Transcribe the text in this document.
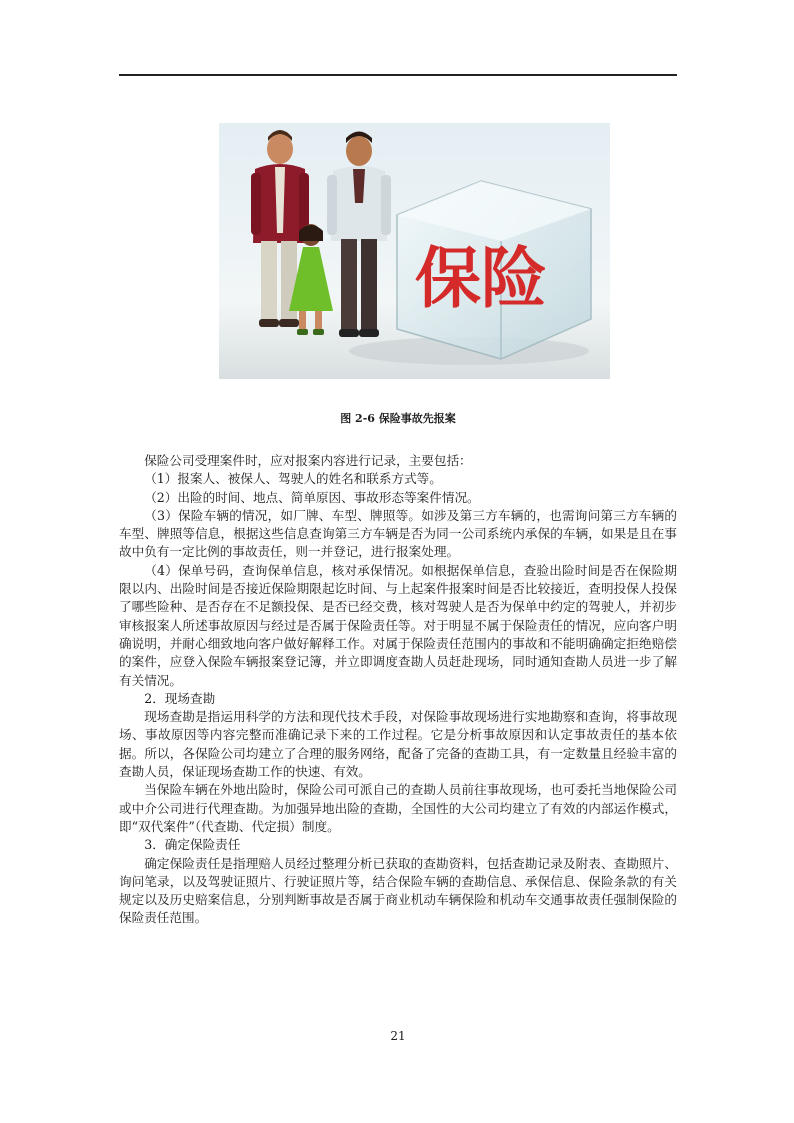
保险
图 2-6 保险事故先报案

保险公司受理案件时，应对报案内容进行记录，主要包括：

（1）报案人、被保人、驾驶人的姓名和联系方式等。

（2）出险的时间、地点、简单原因、事故形态等案件情况。

（3）保险车辆的情况，如厂牌、车型、牌照等。如涉及第三方车辆的，也需询问第三方车辆的车型、牌照等信息，根据这些信息查询第三方车辆是否为同一公司系统内承保的车辆，如果是且在事故中负有一定比例的事故责任，则一并登记，进行报案处理。

（4）保单号码，查询保单信息，核对承保情况。如根据保单信息，查验出险时间是否在保险期限以内、出险时间是否接近保险期限起讫时间、与上起案件报案时间是否比较接近，查明投保人投保了哪些险种、是否存在不足额投保、是否已经交费，核对驾驶人是否为保单中约定的驾驶人，并初步审核报案人所述事故原因与经过是否属于保险责任等。对于明显不属于保险责任的情况，应向客户明确说明，并耐心细致地向客户做好解释工作。对属于保险责任范围内的事故和不能明确确定拒绝赔偿的案件，应登入保险车辆报案登记簿，并立即调度查勘人员赶赴现场，同时通知查勘人员进一步了解有关情况。

2．现场查勘

现场查勘是指运用科学的方法和现代技术手段，对保险事故现场进行实地勘察和查询，将事故现场、事故原因等内容完整而准确记录下来的工作过程。它是分析事故原因和认定事故责任的基本依据。所以，各保险公司均建立了合理的服务网络，配备了完备的查勘工具，有一定数量且经验丰富的查勘人员，保证现场查勘工作的快速、有效。

当保险车辆在外地出险时，保险公司可派自己的查勘人员前往事故现场，也可委托当地保险公司或中介公司进行代理查勘。为加强异地出险的查勘，全国性的大公司均建立了有效的内部运作模式，即“双代案件”（代查勘、代定损）制度。

3．确定保险责任

确定保险责任是指理赔人员经过整理分析已获取的查勘资料，包括查勘记录及附表、查勘照片、询问笔录，以及驾驶证照片、行驶证照片等，结合保险车辆的查勘信息、承保信息、保险条款的有关规定以及历史赔案信息，分别判断事故是否属于商业机动车辆保险和机动车交通事故责任强制保险的保险责任范围。

21
